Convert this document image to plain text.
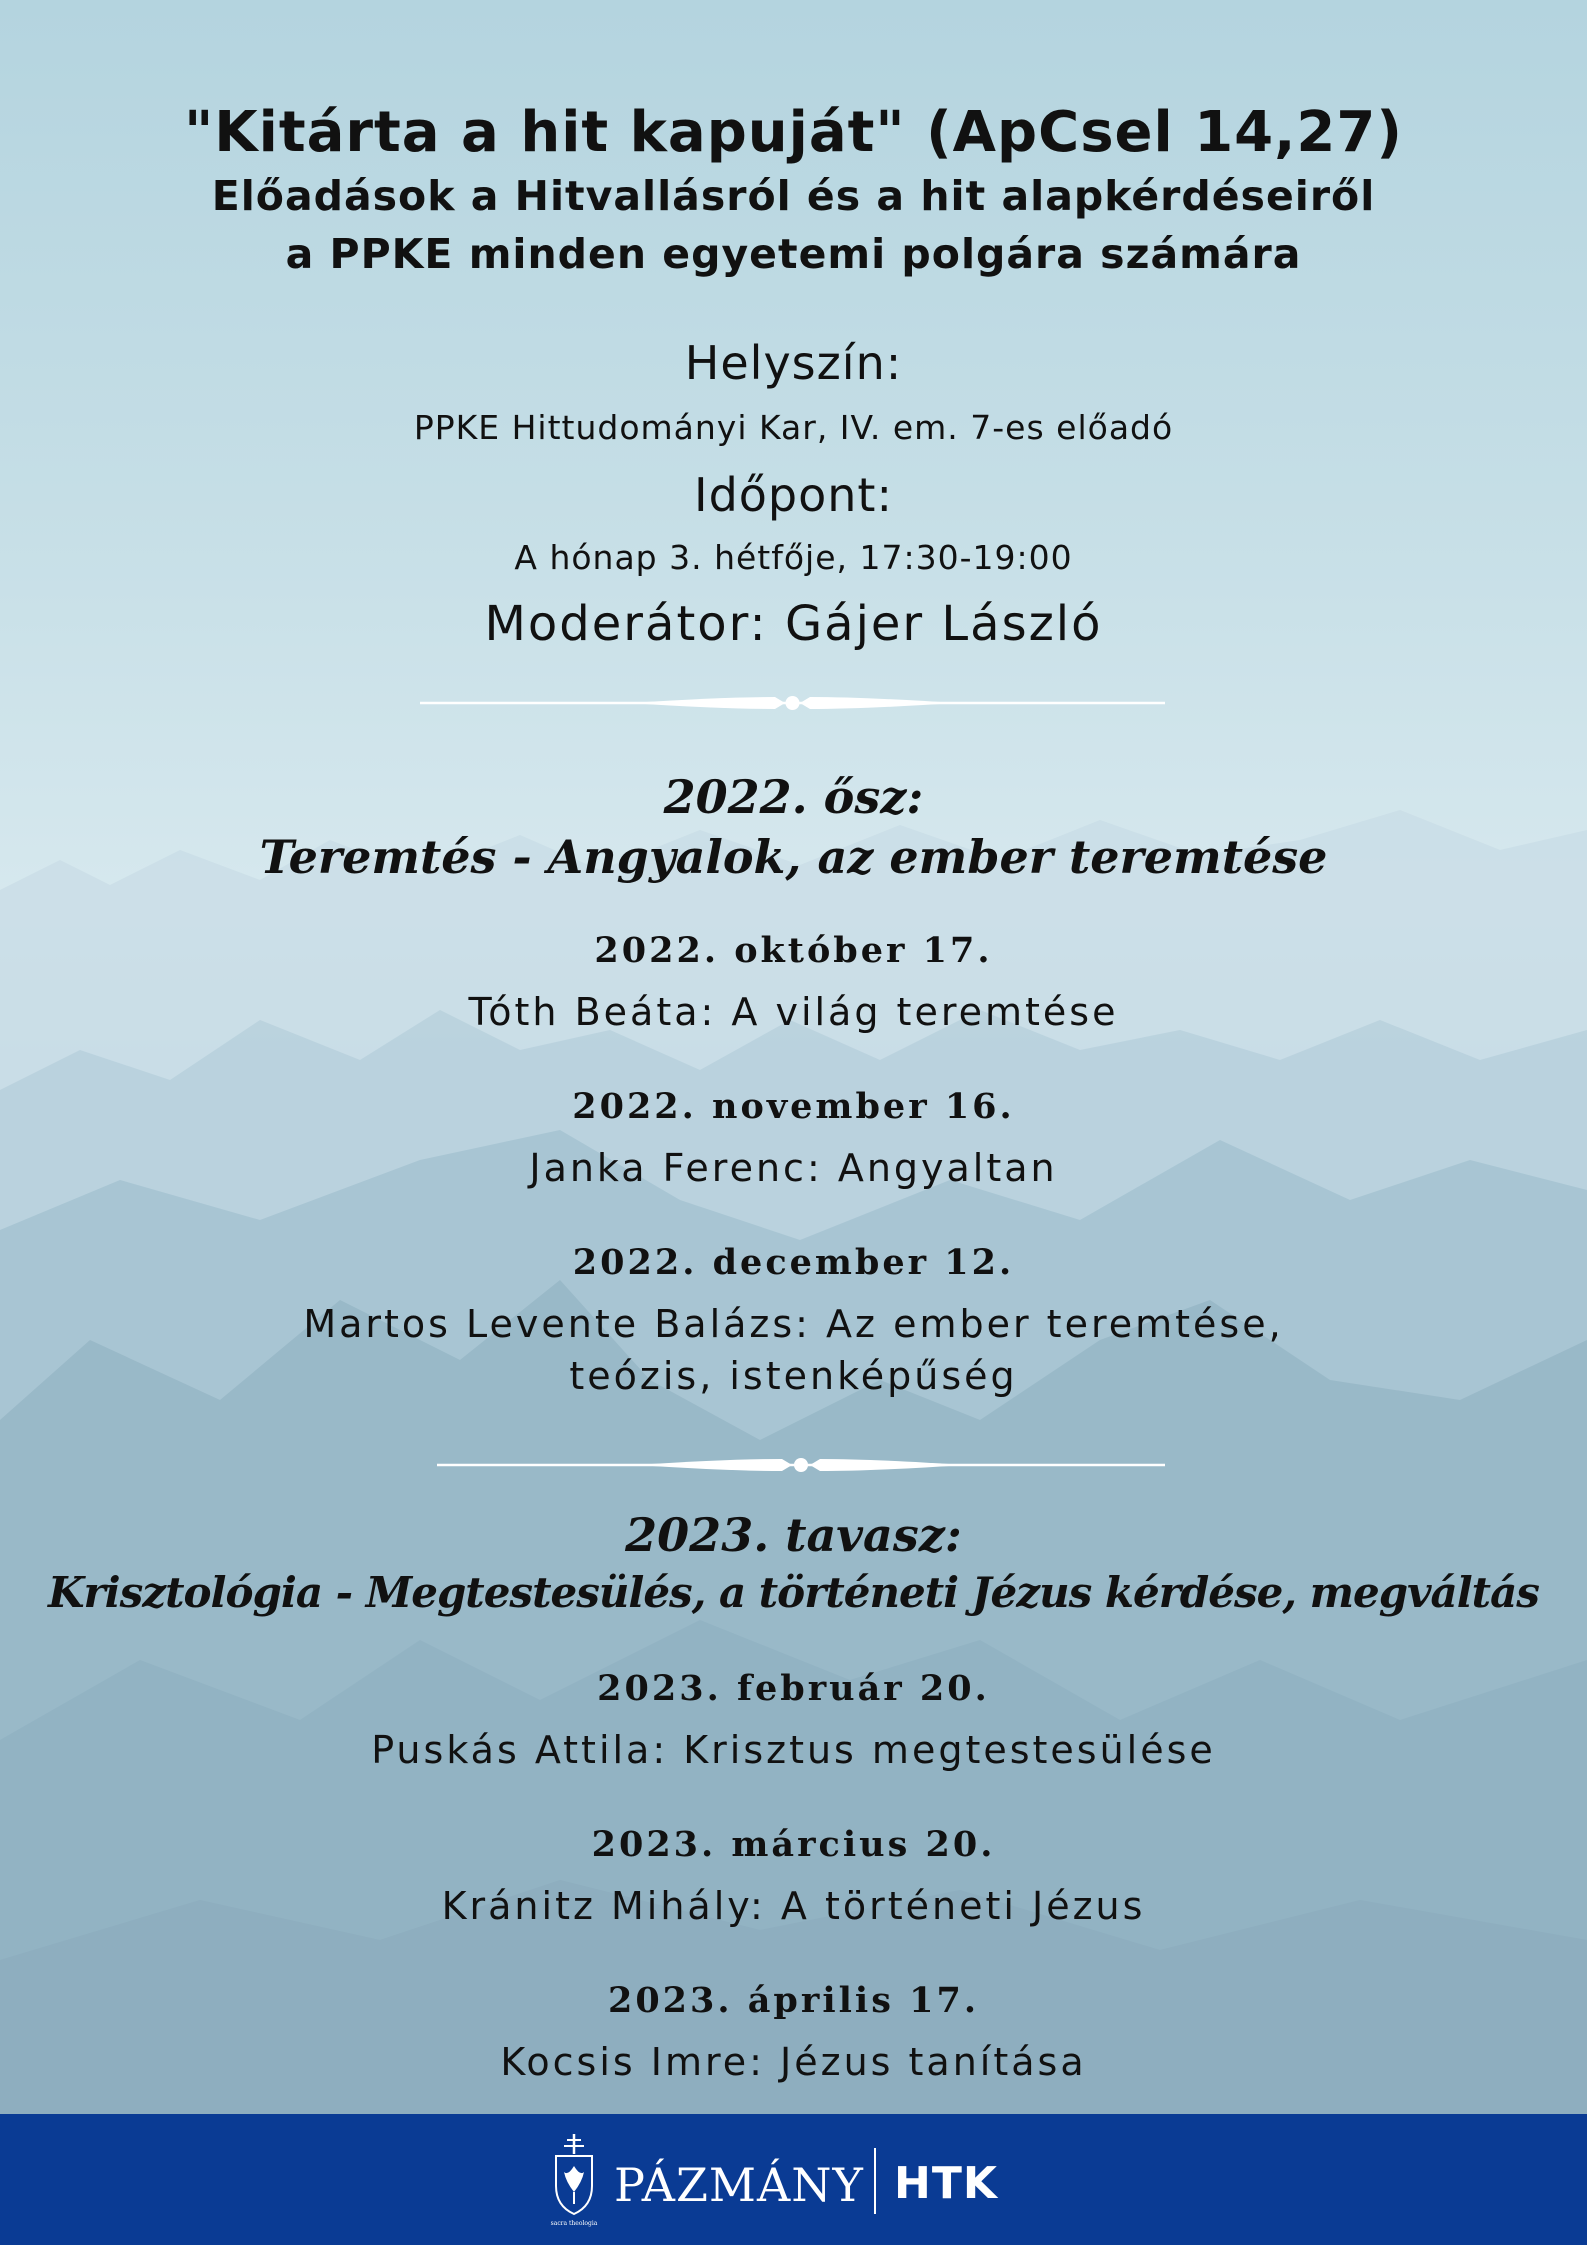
"Kitárta a hit kapuját" (ApCsel 14,27)
Előadások a Hitvallásról és a hit alapkérdéseiről
a PPKE minden egyetemi polgára számára
Helyszín:
PPKE Hittudományi Kar, IV. em. 7-es előadó
Időpont:
A hónap 3. hétfője, 17:30-19:00
Moderátor: Gájer László
2022. ősz:
Teremtés - Angyalok, az ember teremtése
2022. október 17.
Tóth Beáta: A világ teremtése
2022. november 16.
Janka Ferenc: Angyaltan
2022. december 12.
Martos Levente Balázs: Az ember teremtése,
teózis, istenképűség
2023. tavasz:
Krisztológia - Megtestesülés, a történeti Jézus kérdése, megváltás
2023. február 20.
Puskás Attila: Krisztus megtestesülése
2023. március 20.
Kránitz Mihály: A történeti Jézus
2023. április 17.
Kocsis Imre: Jézus tanítása
sacra theologia
PÁZMÁNY HTK
